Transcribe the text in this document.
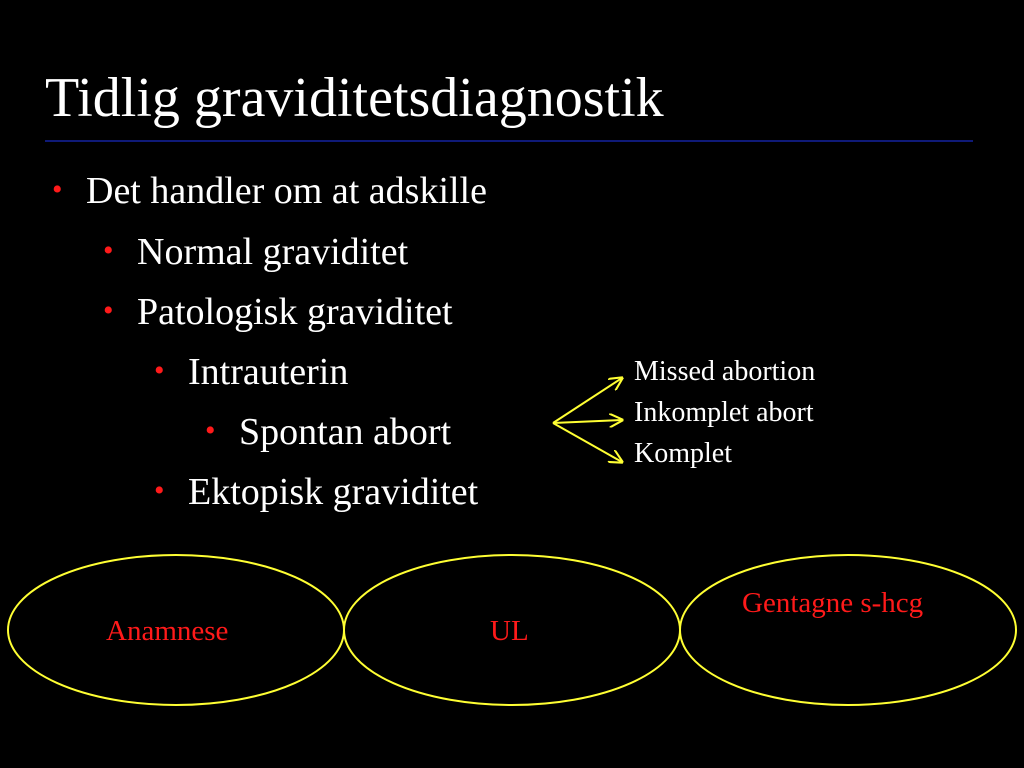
Tidlig graviditetsdiagnostik
• Det handler om at adskille
• Normal graviditet
• Patologisk graviditet
• Intrauterin
• Spontan abort
• Ektopisk graviditet
Missed abortion
Inkomplet abort
Komplet
Anamnese	UL
Gentagne s-hcg
